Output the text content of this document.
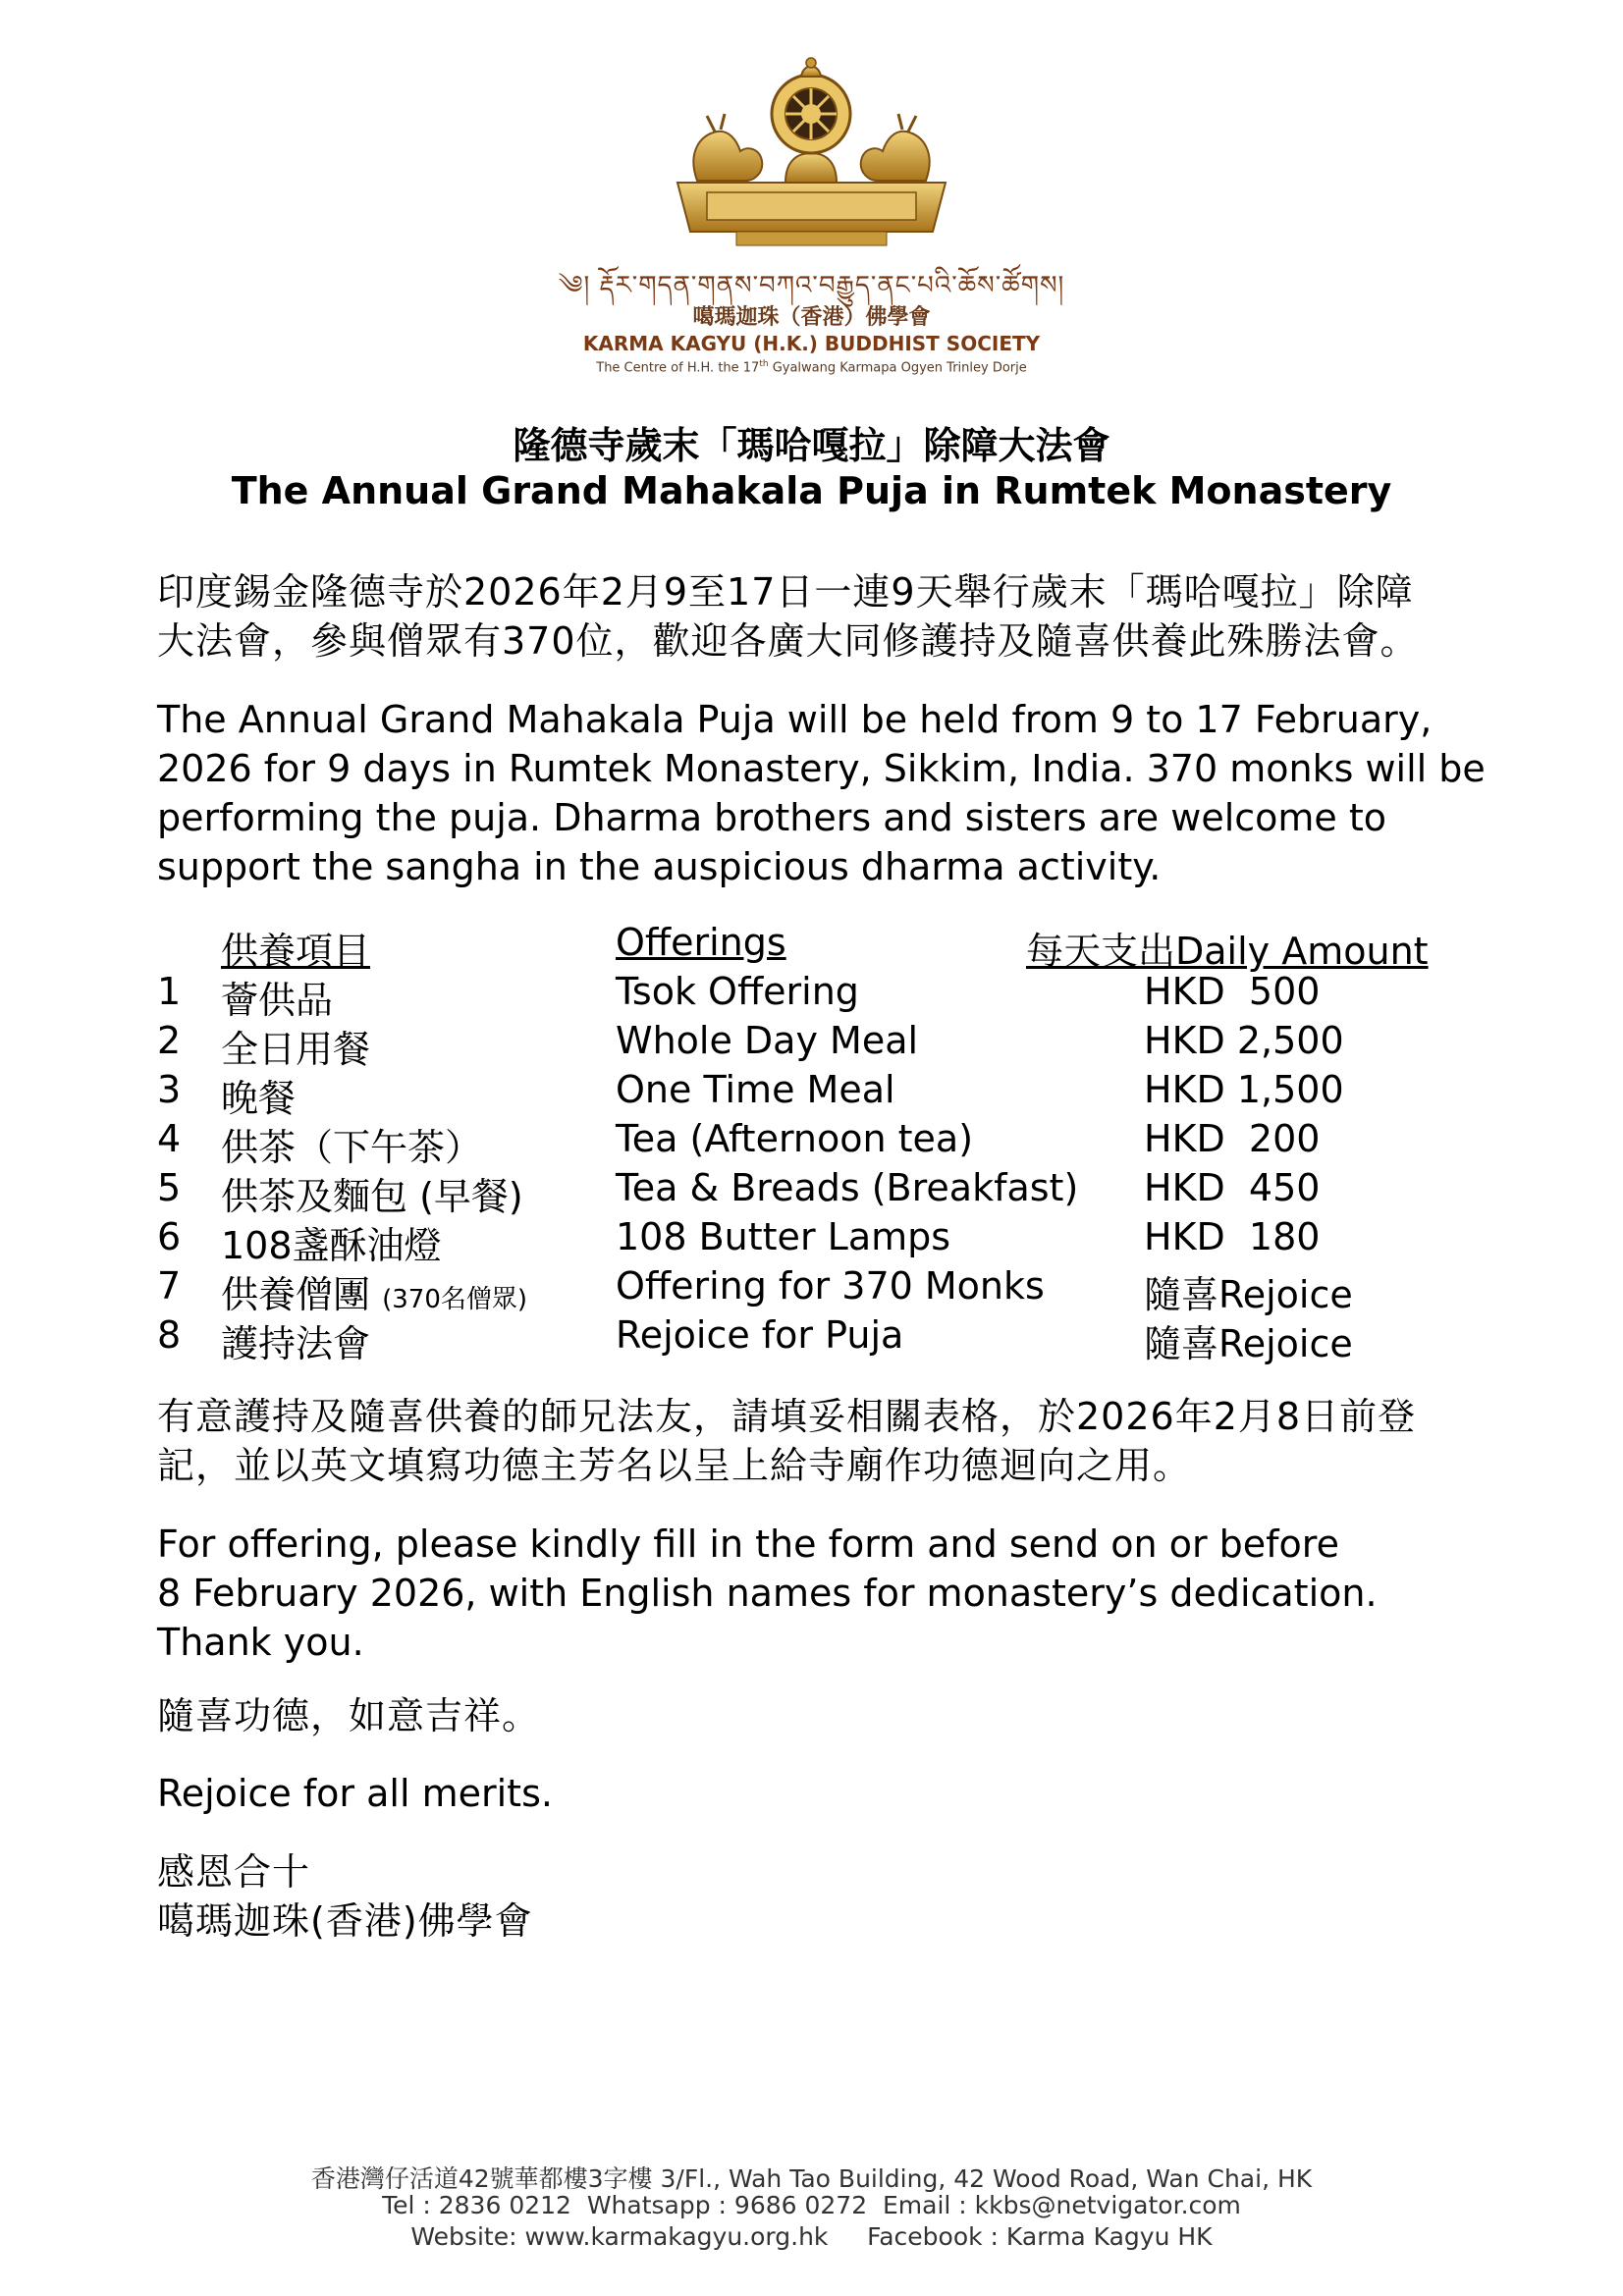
༄། རྡོར་གདན་གནས་བཀའ་བརྒྱུད་ནང་པའི་ཆོས་ཚོགས།
噶瑪迦珠（香港）佛學會
KARMA KAGYU (H.K.) BUDDHIST SOCIETY
The Centre of H.H. the 17th Gyalwang Karmapa Ogyen Trinley Dorje
隆德寺歲末「瑪哈嘎拉」除障大法會
The Annual Grand Mahakala Puja in Rumtek Monastery
印度錫金隆德寺於2026年2月9至17日一連9天舉行歲末「瑪哈嘎拉」除障
大法會，參與僧眾有370位，歡迎各廣大同修護持及隨喜供養此殊勝法會。
The Annual Grand Mahakala Puja will be held from 9 to 17 February,
2026 for 9 days in Rumtek Monastery, Sikkim, India. 370 monks will be
performing the puja. Dharma brothers and sisters are welcome to
support the sangha in the auspicious dharma activity.
供養項目	Offerings	每天支出Daily Amount
1 薈供品	Tsok Offering	HKD  500
2 全日用餐	Whole Day Meal	HKD 2,500
3 晚餐	One Time Meal	HKD 1,500
4 供茶（下午茶）	Tea (Afternoon tea)	HKD  200
5 供茶及麵包 (早餐) Tea & Breads (Breakfast) HKD  450
6 108盞酥油燈	108 Butter Lamps	HKD  180
7 供養僧團 (370名僧眾) Offering for 370 Monks	隨喜Rejoice
8 護持法會	Rejoice for Puja	隨喜Rejoice
有意護持及隨喜供養的師兄法友，請填妥相關表格，於2026年2月8日前登
記，並以英文填寫功德主芳名以呈上給寺廟作功德迴向之用。
For offering, please kindly fill in the form and send on or before
8 February 2026, with English names for monastery’s dedication.
Thank you.
隨喜功德，如意吉祥。
Rejoice for all merits.
感恩合十
噶瑪迦珠(香港)佛學會
香港灣仔活道42號華都樓3字樓 3/Fl., Wah Tao Building, 42 Wood Road, Wan Chai, HK
Tel : 2836 0212  Whatsapp : 9686 0272  Email : kkbs@netvigator.com
Website: www.karmakagyu.org.hk     Facebook : Karma Kagyu HK
